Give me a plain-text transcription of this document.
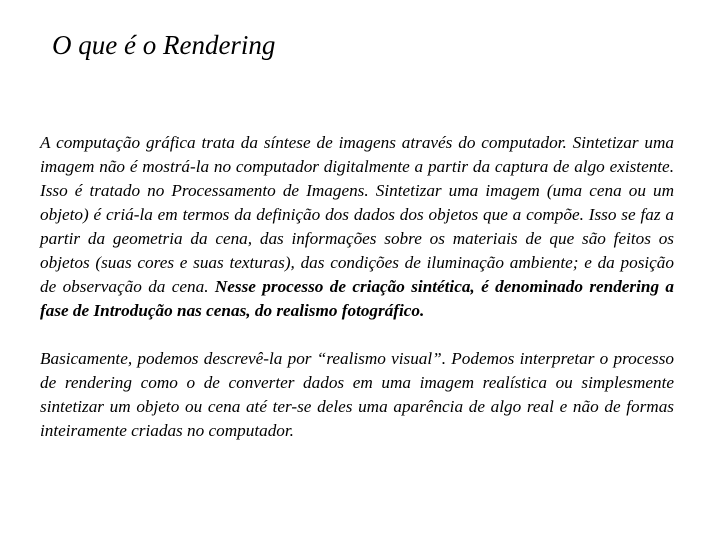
O que é o Rendering

A computação gráfica trata da síntese de imagens através do computador. Sintetizar uma imagem não é mostrá-la no computador digitalmente a partir da captura de algo existente. Isso é tratado no Processamento de Imagens. Sintetizar uma imagem (uma cena ou um objeto) é criá-la em termos da definição dos dados dos objetos que a compõe. Isso se faz a partir da geometria da cena, das informações sobre os materiais de que são feitos os objetos (suas cores e suas texturas), das condições de iluminação ambiente; e da posição de observação da cena. Nesse processo de criação sintética, é denominado rendering a fase de Introdução nas cenas, do realismo fotográfico.

Basicamente, podemos descrevê-la por “realismo visual”. Podemos interpretar o processo de rendering como o de converter dados em uma imagem realística ou simplesmente sintetizar um objeto ou cena até ter-se deles uma aparência de algo real e não de formas inteiramente criadas no computador.
